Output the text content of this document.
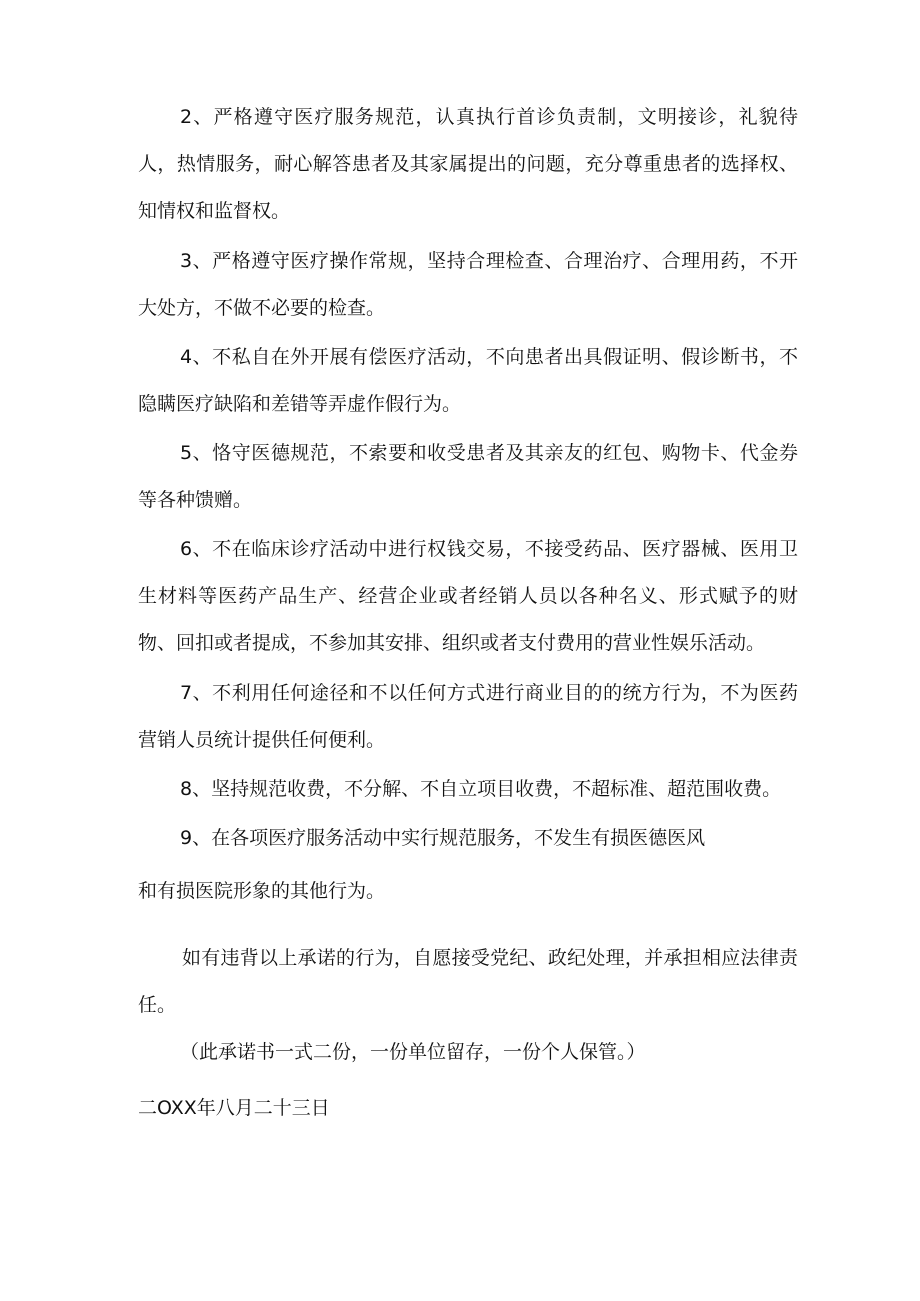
2、严格遵守医疗服务规范，认真执行首诊负责制，文明接诊，礼貌待人，热情服务，耐心解答患者及其家属提出的问题，充分尊重患者的选择权、知情权和监督权。

3、严格遵守医疗操作常规，坚持合理检查、合理治疗、合理用药，不开大处方，不做不必要的检查。

4、不私自在外开展有偿医疗活动，不向患者出具假证明、假诊断书，不隐瞒医疗缺陷和差错等弄虚作假行为。

5、恪守医德规范，不索要和收受患者及其亲友的红包、购物卡、代金券等各种馈赠。

6、不在临床诊疗活动中进行权钱交易，不接受药品、医疗器械、医用卫生材料等医药产品生产、经营企业或者经销人员以各种名义、形式赋予的财物、回扣或者提成，不参加其安排、组织或者支付费用的营业性娱乐活动。

7、不利用任何途径和不以任何方式进行商业目的的统方行为，不为医药营销人员统计提供任何便利。

8、坚持规范收费，不分解、不自立项目收费，不超标准、超范围收费。

9、在各项医疗服务活动中实行规范服务，不发生有损医德医风

和有损医院形象的其他行为。

如有违背以上承诺的行为，自愿接受党纪、政纪处理，并承担相应法律责任。

（此承诺书一式二份，一份单位留存，一份个人保管。）

二OXX年八月二十三日
